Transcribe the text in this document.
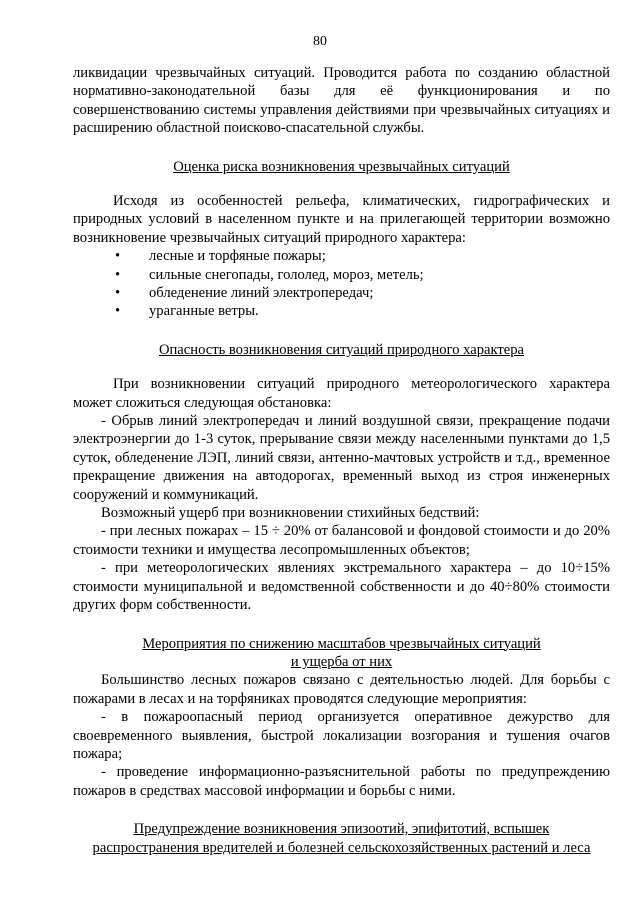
80

ликвидации чрезвычайных ситуаций. Проводится работа по созданию областной нормативно-законодательной базы для её функционирования и по совершенствованию системы управления действиями при чрезвычайных ситуациях и расширению областной поисково-спасательной службы.

Оценка риска возникновения чрезвычайных ситуаций

Исходя из особенностей рельефа, климатических, гидрографических и природных условий в населенном пункте и на прилегающей территории возможно возникновение чрезвычайных ситуаций природного характера:

• лесные и торфяные пожары;
• сильные снегопады, гололед, мороз, метель;
• обледенение линий электропередач;
• ураганные ветры.

Опасность возникновения ситуаций природного характера

При возникновении ситуаций природного метеорологического характера может сложиться следующая обстановка:

- Обрыв линий электропередач и линий воздушной связи, прекращение подачи электроэнергии до 1-3 суток, прерывание связи между населенными пунктами до 1,5 суток, обледенение ЛЭП, линий связи, антенно-мачтовых устройств и т.д., временное прекращение движения на автодорогах, временный выход из строя инженерных сооружений и коммуникаций.

Возможный ущерб при возникновении стихийных бедствий:

- при лесных пожарах – 15 ÷ 20% от балансовой и фондовой стоимости и до 20% стоимости техники и имущества лесопромышленных объектов;

- при метеорологических явлениях экстремального характера – до 10÷15% стоимости муниципальной и ведомственной собственности и до 40÷80% стоимости других форм собственности.

Мероприятия по снижению масштабов чрезвычайных ситуаций

и ущерба от них

Большинство лесных пожаров связано с деятельностью людей. Для борьбы с пожарами в лесах и на торфяниках проводятся следующие мероприятия:

- в пожароопасный период организуется оперативное дежурство для своевременного выявления, быстрой локализации возгорания и тушения очагов пожара;

- проведение информационно-разъяснительной работы по предупреждению пожаров в средствах массовой информации и борьбы с ними.

Предупреждение возникновения эпизоотий, эпифитотий, вспышек

распространения вредителей и болезней сельскохозяйственных растений и леса
